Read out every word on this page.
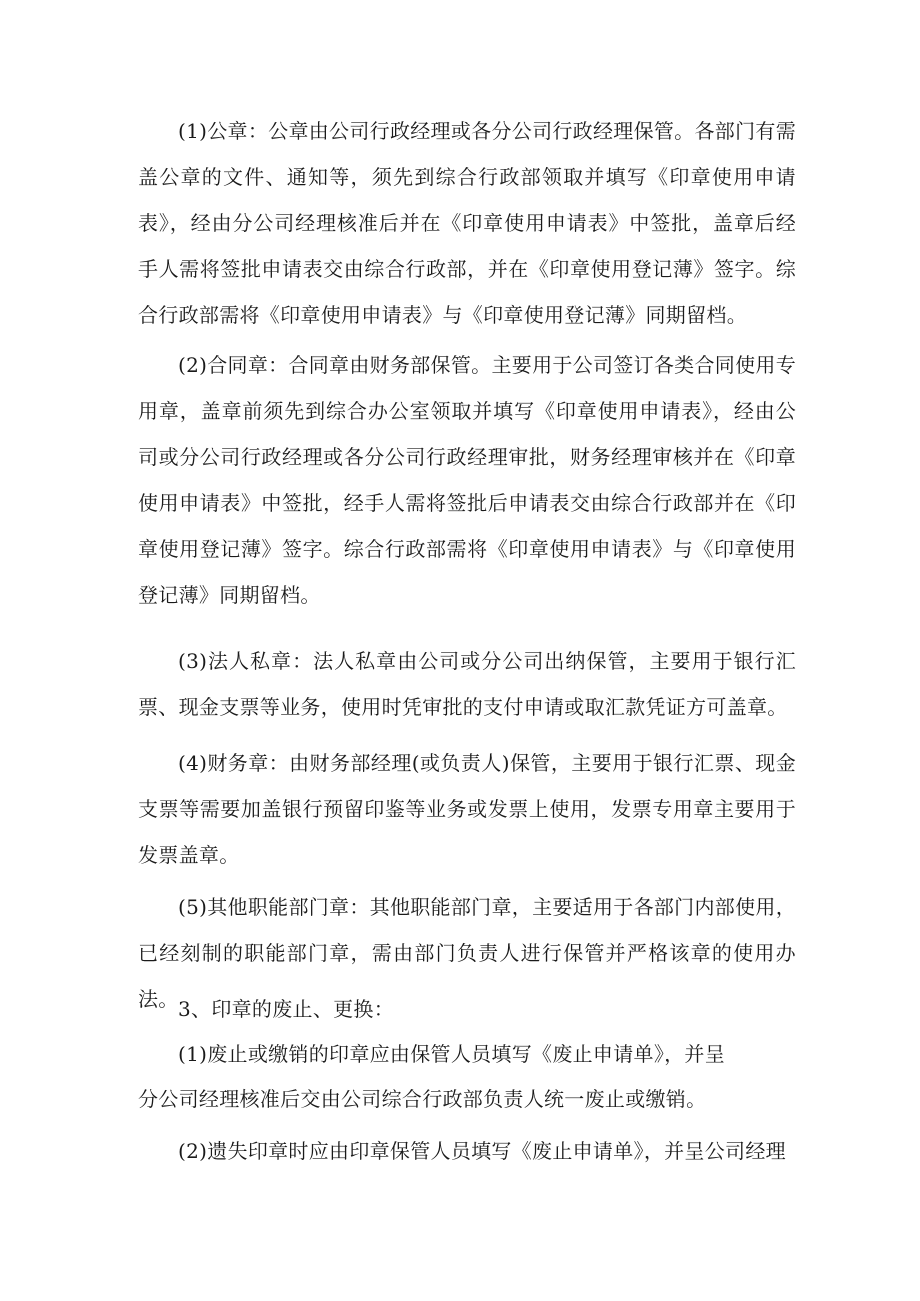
(1)公章：公章由公司行政经理或各分公司行政经理保管。各部门有需盖公章的文件、通知等，须先到综合行政部领取并填写《印章使用申请表》，经由分公司经理核准后并在《印章使用申请表》中签批，盖章后经手人需将签批申请表交由综合行政部，并在《印章使用登记薄》签字。综合行政部需将《印章使用申请表》与《印章使用登记薄》同期留档。

(2)合同章：合同章由财务部保管。主要用于公司签订各类合同使用专用章，盖章前须先到综合办公室领取并填写《印章使用申请表》，经由公司或分公司行政经理或各分公司行政经理审批，财务经理审核并在《印章使用申请表》中签批，经手人需将签批后申请表交由综合行政部并在《印章使用登记薄》签字。综合行政部需将《印章使用申请表》与《印章使用登记薄》同期留档。

(3)法人私章：法人私章由公司或分公司出纳保管，主要用于银行汇票、现金支票等业务，使用时凭审批的支付申请或取汇款凭证方可盖章。

(4)财务章：由财务部经理(或负责人)保管，主要用于银行汇票、现金支票等需要加盖银行预留印鉴等业务或发票上使用，发票专用章主要用于发票盖章。

(5)其他职能部门章：其他职能部门章，主要适用于各部门内部使用，已经刻制的职能部门章，需由部门负责人进行保管并严格该章的使用办法。 3、印章的废止、更换：

(1)废止或缴销的印章应由保管人员填写《废止申请单》，并呈

分公司经理核准后交由公司综合行政部负责人统一废止或缴销。

(2)遗失印章时应由印章保管人员填写《废止申请单》，并呈公司经理
